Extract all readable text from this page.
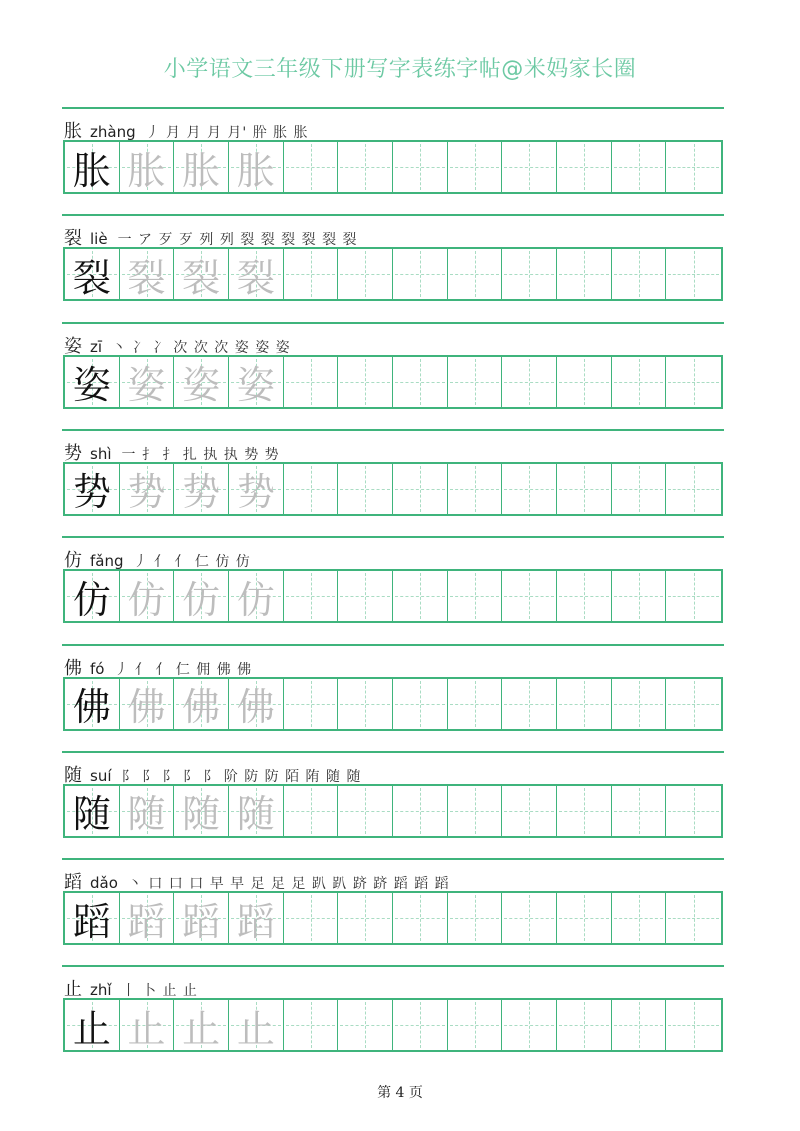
小学语文三年级下册写字表练字帖@米妈家长圈
胀 zhàng 丿 月 月 月 月' 肸 胀 胀
胀 胀 胀 胀
裂 liè 一 ア 歹 歹 列 列 裂 裂 裂 裂 裂 裂
裂 裂 裂 裂
姿 zī 丶 冫 冫 次 次 次 姿 姿 姿
姿 姿 姿 姿
势 shì 一 扌 扌 扎 执 执 势 势
势 势 势 势
仿 fǎng 丿 亻 亻 仁 仿 仿
仿 仿 仿 仿
佛 fó 丿 亻 亻 仁 佣 佛 佛
佛 佛 佛 佛
随 suí 阝 阝 阝 阝 阝 阶 防 防 陌 陏 随 随
随 随 随 随
蹈 dǎo 丶 口 口 口 早 早 足 足 足 趴 趴 跻 跻 蹈 蹈 蹈
蹈 蹈 蹈 蹈
止 zhǐ 丨 卜 止 止
止 止 止 止
第 4 页
